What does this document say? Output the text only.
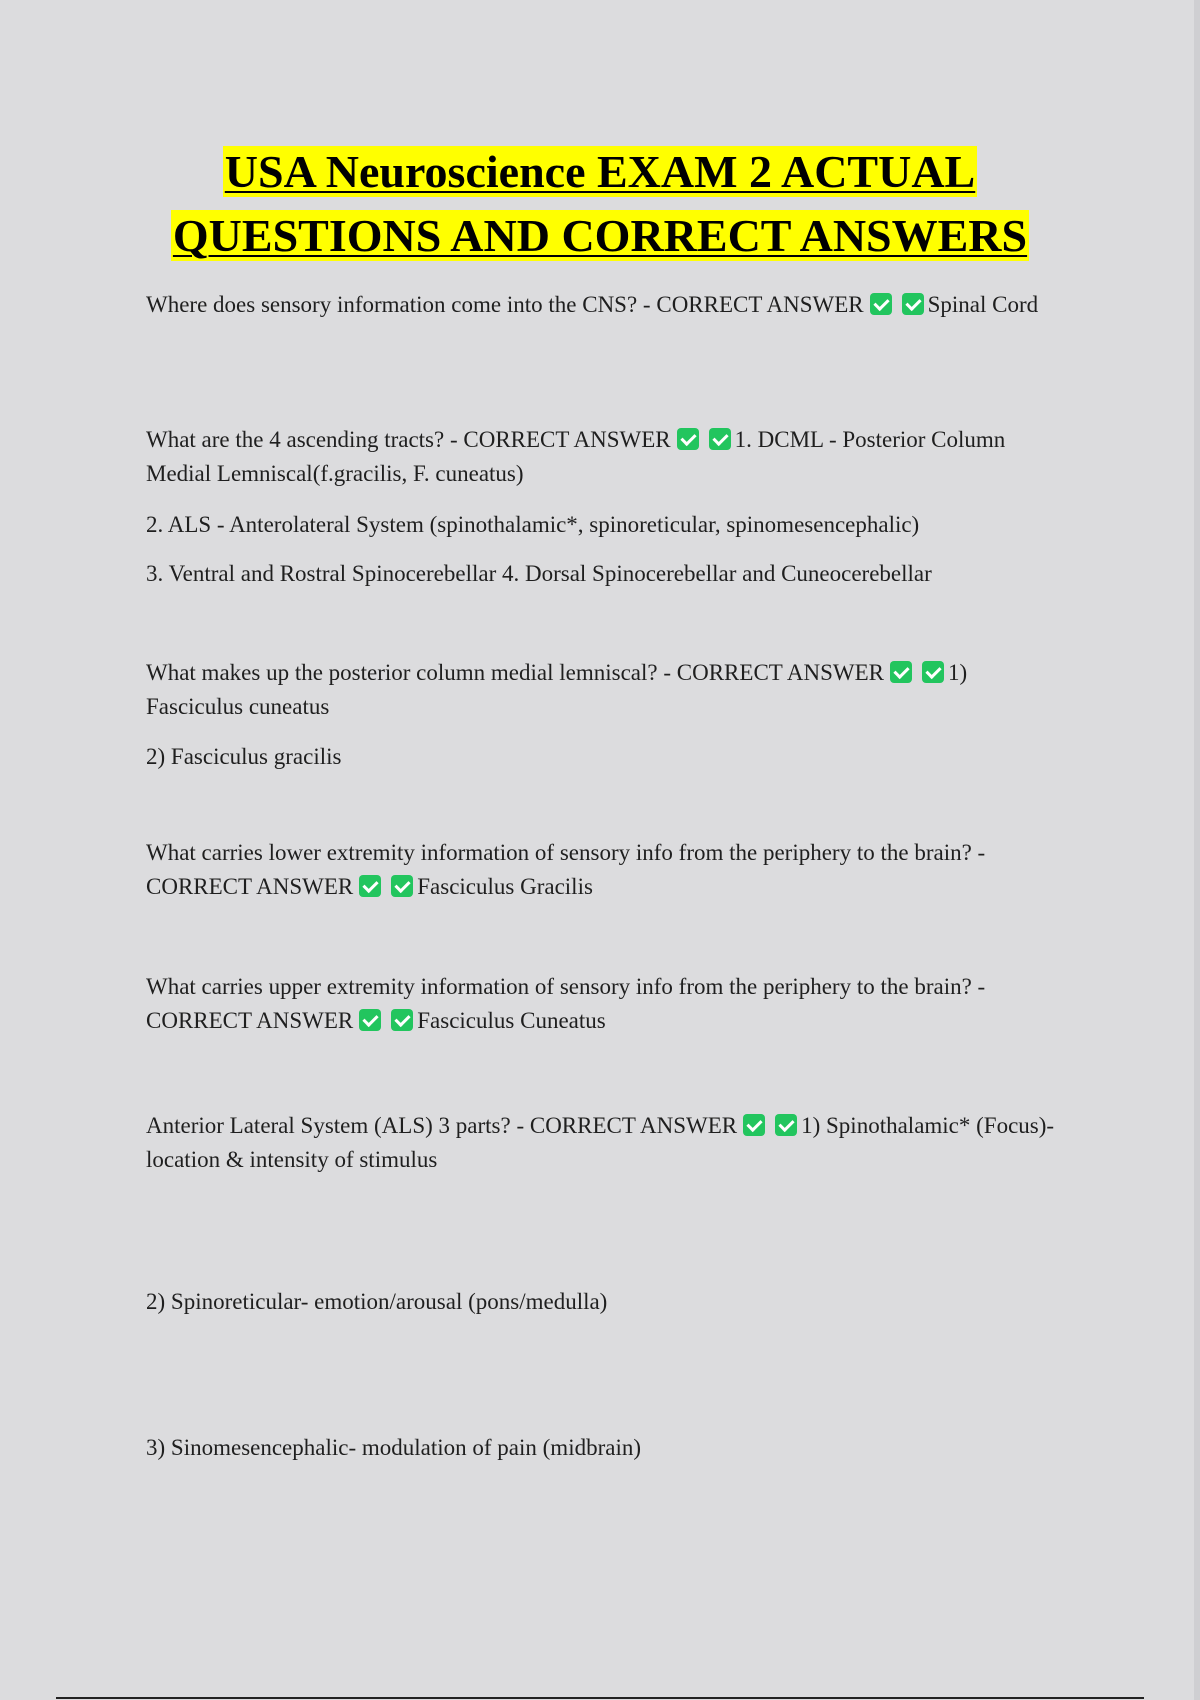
USA Neuroscience EXAM 2 ACTUAL
QUESTIONS AND CORRECT ANSWERS

Where does sensory information come into the CNS? - CORRECT ANSWER	Spinal Cord

What are the 4 ascending tracts? - CORRECT ANSWER	1. DCML - Posterior Column Medial Lemniscal(f.gracilis, F. cuneatus)

2. ALS - Anterolateral System (spinothalamic*, spinoreticular, spinomesencephalic)

3. Ventral and Rostral Spinocerebellar 4. Dorsal Spinocerebellar and Cuneocerebellar

What makes up the posterior column medial lemniscal? - CORRECT ANSWER	1) Fasciculus cuneatus

2) Fasciculus gracilis

What carries lower extremity information of sensory info from the periphery to the brain? - CORRECT ANSWER	Fasciculus Gracilis

What carries upper extremity information of sensory info from the periphery to the brain? - CORRECT ANSWER	Fasciculus Cuneatus

Anterior Lateral System (ALS) 3 parts? - CORRECT ANSWER	1) Spinothalamic* (Focus)- location & intensity of stimulus

2) Spinoreticular- emotion/arousal (pons/medulla)

3) Sinomesencephalic- modulation of pain (midbrain)
